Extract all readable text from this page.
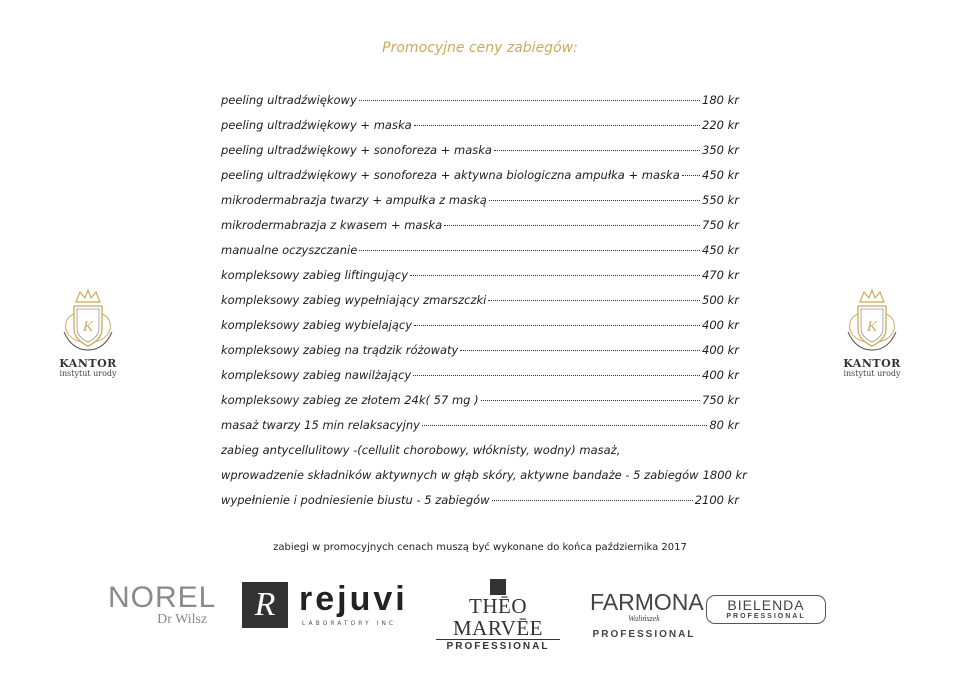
Promocyjne ceny zabiegów:
peeling ultradźwiękowy	180 kr
peeling ultradźwiękowy + maska	220 kr
peeling ultradźwiękowy + sonoforeza + maska	350 kr
peeling ultradźwiękowy + sonoforeza + aktywna biologiczna ampułka + maska 450 kr
mikrodermabrazja twarzy + ampułka z maską	550 kr
mikrodermabrazja z kwasem + maska	750 kr
manualne oczyszczanie	450 kr
kompleksowy zabieg liftingujący	470 kr
kompleksowy zabieg wypełniający zmarszczki	500 kr
kompleksowy zabieg wybielający	400 kr
kompleksowy zabieg na trądzik różowaty	400 kr
kompleksowy zabieg nawilżający	400 kr
kompleksowy zabieg ze złotem 24k( 57 mg )	750 kr
masaż twarzy 15 min relaksacyjny	80 kr
zabieg antycellulitowy -(cellulit chorobowy, włóknisty, wodny) masaż,
wprowadzenie składników aktywnych w głąb skóry, aktywne bandaże - 5 zabiegów 1800 kr
wypełnienie i podniesienie biustu - 5 zabiegów	2100 kr
zabiegi w promocyjnych cenach muszą być wykonane do końca października 2017
K
KANTOR
instytut urody
K
KANTOR
instytut urody
NOREL
Dr Wilsz	R rejuvi
LABORATORY INC
THĒO MARVĒE
PROFESSIONAL
FARMONA
Walińszek
PROFESSIONAL
BIELENDA
PROFESSIONAL
